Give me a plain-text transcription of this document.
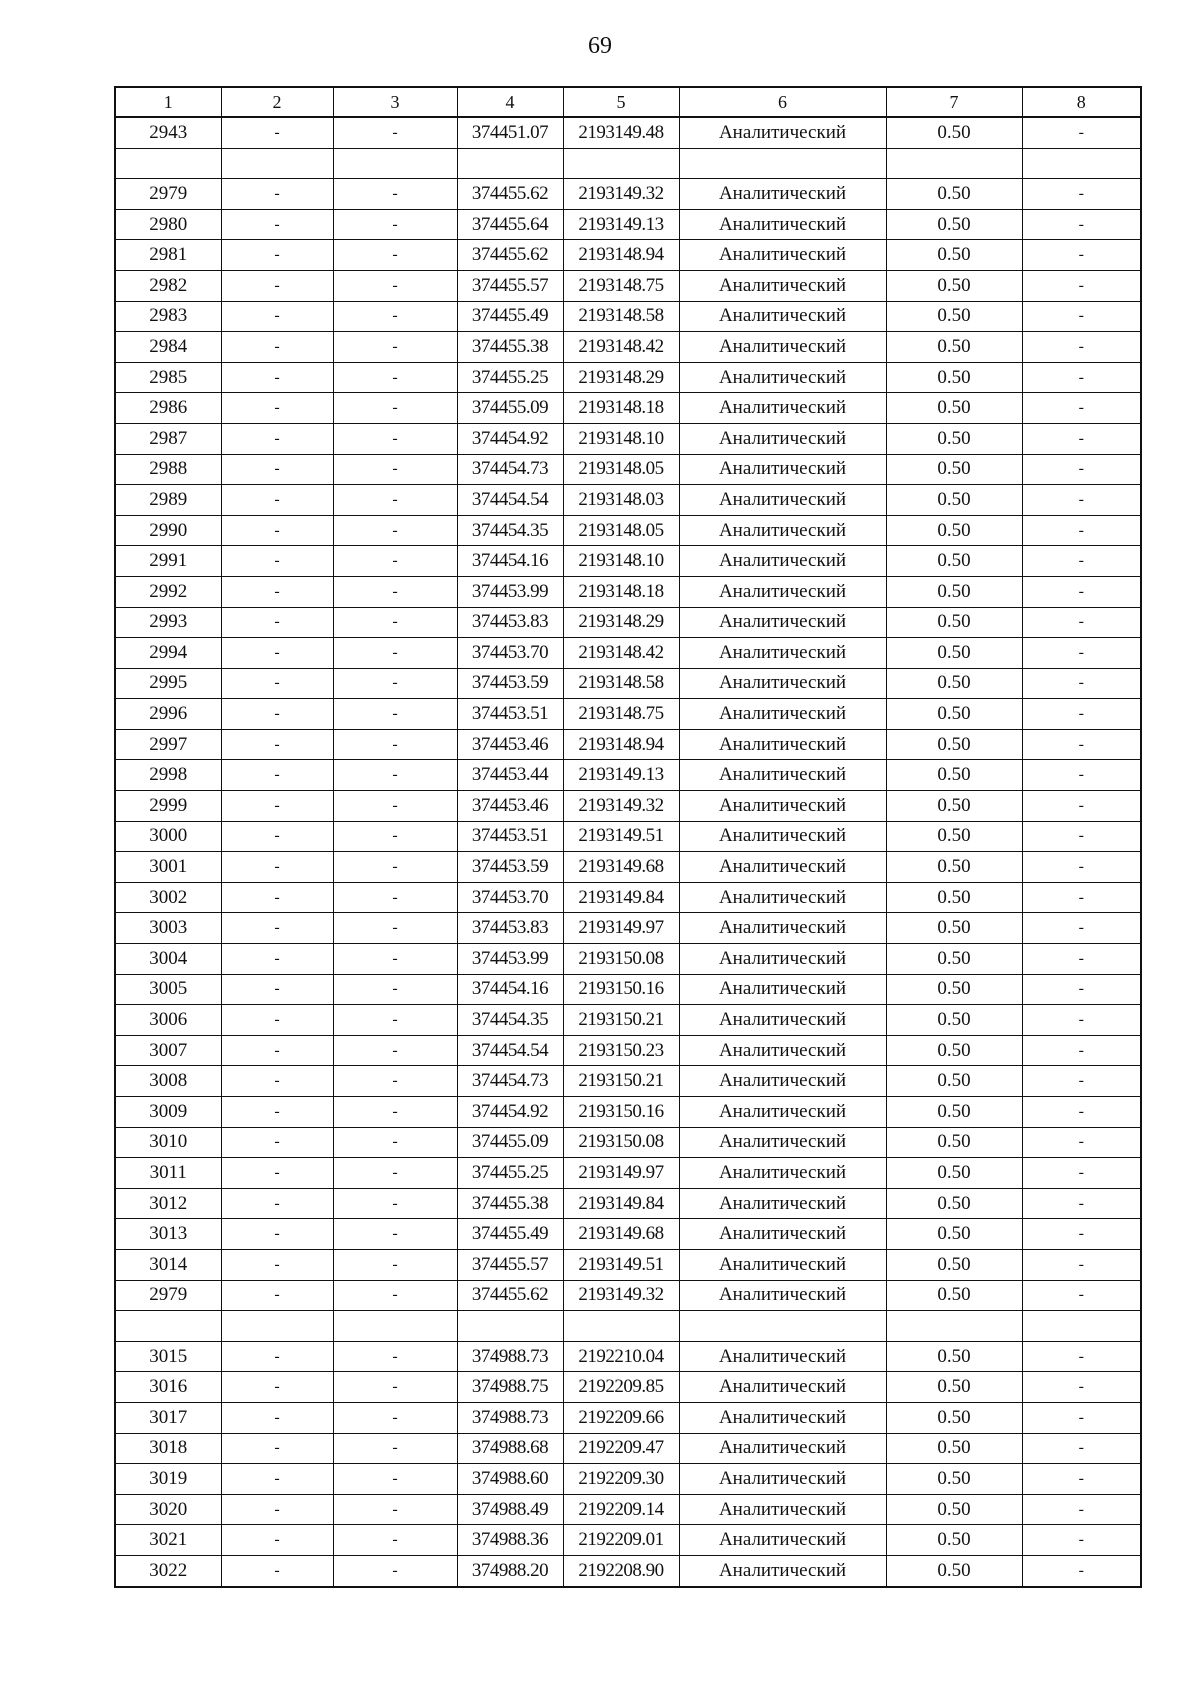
69
1	2	3	4	5	6	7	8
2943	-	-	374451.07	2193149.48	Аналитический	0.50	-

2979	-	-	374455.62	2193149.32	Аналитический	0.50	-
2980	-	-	374455.64	2193149.13	Аналитический	0.50	-
2981	-	-	374455.62	2193148.94	Аналитический	0.50	-
2982	-	-	374455.57	2193148.75	Аналитический	0.50	-
2983	-	-	374455.49	2193148.58	Аналитический	0.50	-
2984	-	-	374455.38	2193148.42	Аналитический	0.50	-
2985	-	-	374455.25	2193148.29	Аналитический	0.50	-
2986	-	-	374455.09	2193148.18	Аналитический	0.50	-
2987	-	-	374454.92	2193148.10	Аналитический	0.50	-
2988	-	-	374454.73	2193148.05	Аналитический	0.50	-
2989	-	-	374454.54	2193148.03	Аналитический	0.50	-
2990	-	-	374454.35	2193148.05	Аналитический	0.50	-
2991	-	-	374454.16	2193148.10	Аналитический	0.50	-
2992	-	-	374453.99	2193148.18	Аналитический	0.50	-
2993	-	-	374453.83	2193148.29	Аналитический	0.50	-
2994	-	-	374453.70	2193148.42	Аналитический	0.50	-
2995	-	-	374453.59	2193148.58	Аналитический	0.50	-
2996	-	-	374453.51	2193148.75	Аналитический	0.50	-
2997	-	-	374453.46	2193148.94	Аналитический	0.50	-
2998	-	-	374453.44	2193149.13	Аналитический	0.50	-
2999	-	-	374453.46	2193149.32	Аналитический	0.50	-
3000	-	-	374453.51	2193149.51	Аналитический	0.50	-
3001	-	-	374453.59	2193149.68	Аналитический	0.50	-
3002	-	-	374453.70	2193149.84	Аналитический	0.50	-
3003	-	-	374453.83	2193149.97	Аналитический	0.50	-
3004	-	-	374453.99	2193150.08	Аналитический	0.50	-
3005	-	-	374454.16	2193150.16	Аналитический	0.50	-
3006	-	-	374454.35	2193150.21	Аналитический	0.50	-
3007	-	-	374454.54	2193150.23	Аналитический	0.50	-
3008	-	-	374454.73	2193150.21	Аналитический	0.50	-
3009	-	-	374454.92	2193150.16	Аналитический	0.50	-
3010	-	-	374455.09	2193150.08	Аналитический	0.50	-
3011	-	-	374455.25	2193149.97	Аналитический	0.50	-
3012	-	-	374455.38	2193149.84	Аналитический	0.50	-
3013	-	-	374455.49	2193149.68	Аналитический	0.50	-
3014	-	-	374455.57	2193149.51	Аналитический	0.50	-
2979	-	-	374455.62	2193149.32	Аналитический	0.50	-

3015	-	-	374988.73	2192210.04	Аналитический	0.50	-
3016	-	-	374988.75	2192209.85	Аналитический	0.50	-
3017	-	-	374988.73	2192209.66	Аналитический	0.50	-
3018	-	-	374988.68	2192209.47	Аналитический	0.50	-
3019	-	-	374988.60	2192209.30	Аналитический	0.50	-
3020	-	-	374988.49	2192209.14	Аналитический	0.50	-
3021	-	-	374988.36	2192209.01	Аналитический	0.50	-
3022	-	-	374988.20	2192208.90	Аналитический	0.50	-
